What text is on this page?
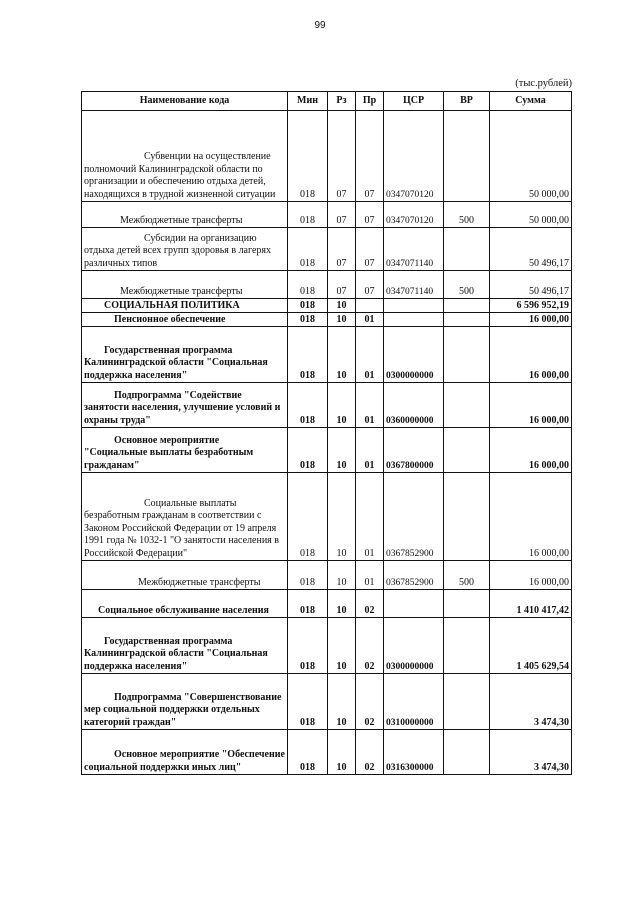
99
(тыс.рублей)
Наименование кода	Мин	Рз	Пр	ЦСР	ВР	Сумма
Субвенции на осуществление полномочий Калининградской области по организации и обеспечению отдыха детей, находящихся в трудной жизненной ситуации	018	07	07	0347070120		50 000,00
Межбюджетные трансферты	018	07	07	0347070120	500	50 000,00
Субсидии на организацию отдыха детей всех групп здоровья в лагерях различных типов	018	07	07	0347071140		50 496,17
Межбюджетные трансферты	018	07	07	0347071140	500	50 496,17
СОЦИАЛЬНАЯ ПОЛИТИКА	018	10				6 596 952,19
Пенсионное обеспечение	018	10	01			16 000,00
Государственная программа Калининградской области "Социальная поддержка населения"	018	10	01	0300000000		16 000,00
Подпрограмма "Содействие занятости населения, улучшение условий и охраны труда"	018	10	01	0360000000		16 000,00
Основное мероприятие "Социальные выплаты безработным гражданам"	018	10	01	0367800000		16 000,00
Социальные выплаты безработным гражданам в соответствии с Законом Российской Федерации от 19 апреля 1991 года № 1032-1 "О занятости населения в Российской Федерации"	018	10	01	0367852900		16 000,00
Межбюджетные трансферты	018	10	01	0367852900	500	16 000,00
Социальное обслуживание населения	018	10	02			1 410 417,42
Государственная программа Калининградской области "Социальная поддержка населения"	018	10	02	0300000000		1 405 629,54
Подпрограмма "Совершенствование мер социальной поддержки отдельных категорий граждан"	018	10	02	0310000000		3 474,30
Основное мероприятие "Обеспечение социальной поддержки иных лиц"	018	10	02	0316300000		3 474,30
